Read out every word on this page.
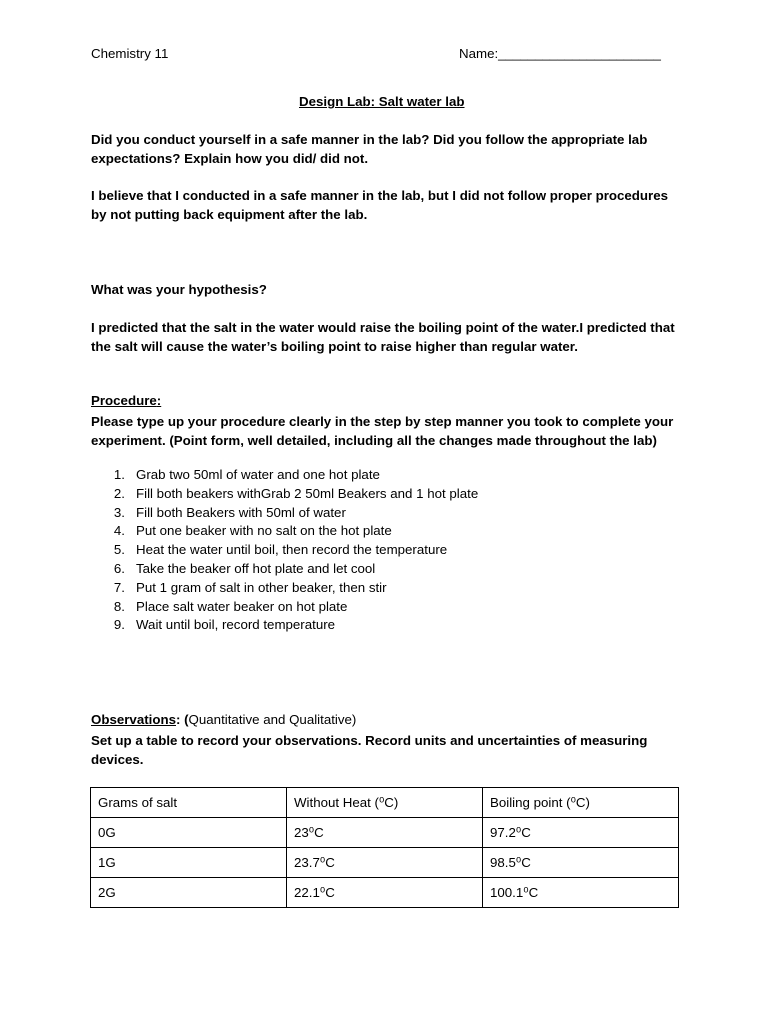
Chemistry 11	Name:______________________
Design Lab: Salt water lab
Did you conduct yourself in a safe manner in the lab? Did you follow the appropriate lab expectations? Explain how you did/ did not.
I believe that I conducted in a safe manner in the lab, but I did not follow proper procedures by not putting back equipment after the lab.
What was your hypothesis?
I predicted that the salt in the water would raise the boiling point of the water.I predicted that the salt will cause the water’s boiling point to raise higher than regular water.
Procedure:
Please type up your procedure clearly in the step by step manner you took to complete your experiment. (Point form, well detailed, including all the changes made throughout the lab)
1. Grab two 50ml of water and one hot plate
2. Fill both beakers withGrab 2 50ml Beakers and 1 hot plate
3. Fill both Beakers with 50ml of water
4. Put one beaker with no salt on the hot plate
5. Heat the water until boil, then record the temperature
6. Take the beaker off hot plate and let cool
7. Put 1 gram of salt in other beaker, then stir
8. Place salt water beaker on hot plate
9. Wait until boil, record temperature
Observations: (Quantitative and Qualitative)
Set up a table to record your observations. Record units and uncertainties of measuring devices.
Grams of salt	Without Heat (⁰C)	Boiling point (⁰C)
0G	23⁰C	97.2⁰C
1G	23.7⁰C	98.5⁰C
2G	22.1⁰C	100.1⁰C
